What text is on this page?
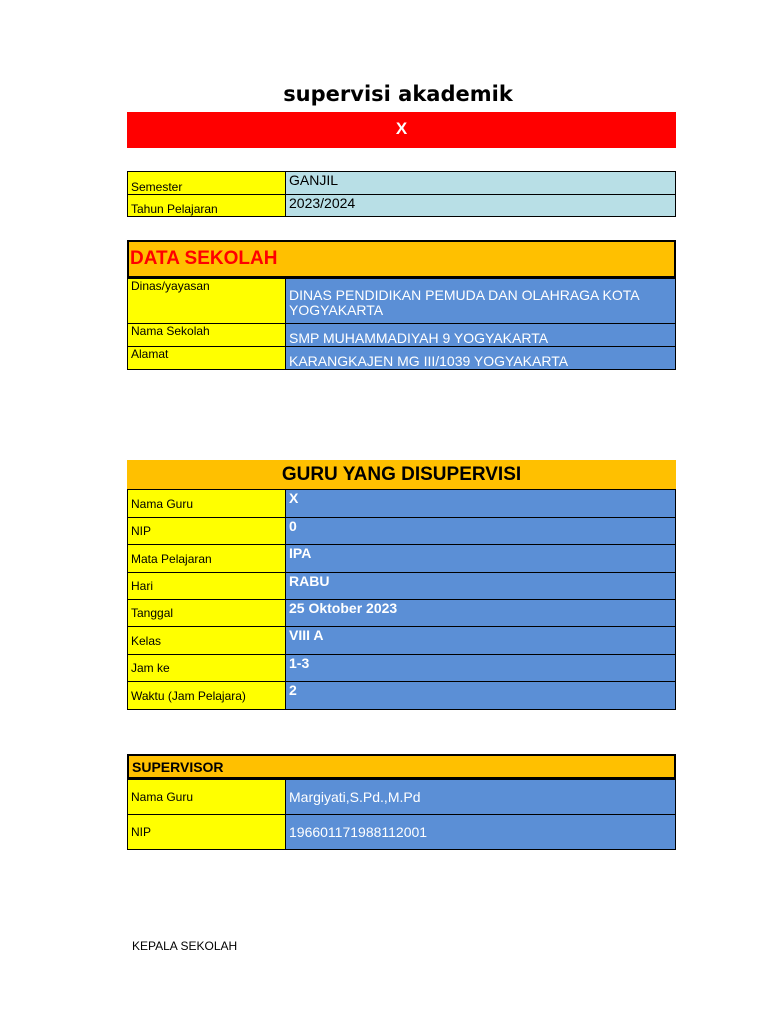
supervisi akademik
X
Semester	GANJIL
Tahun Pelajaran	2023/2024
DATA SEKOLAH
Dinas/yayasan	DINAS PENDIDIKAN PEMUDA DAN OLAHRAGA KOTA YOGYAKARTA
Nama Sekolah	SMP MUHAMMADIYAH 9 YOGYAKARTA
Alamat	KARANGKAJEN MG III/1039 YOGYAKARTA
GURU YANG DISUPERVISI
Nama Guru	X
NIP	0
Mata Pelajaran	IPA
Hari	RABU
Tanggal	25 Oktober 2023
Kelas	VIII A
Jam ke	1-3
Waktu (Jam Pelajara)	2
SUPERVISOR
Nama Guru	Margiyati,S.Pd.,M.Pd
NIP	196601171988112001
KEPALA SEKOLAH
